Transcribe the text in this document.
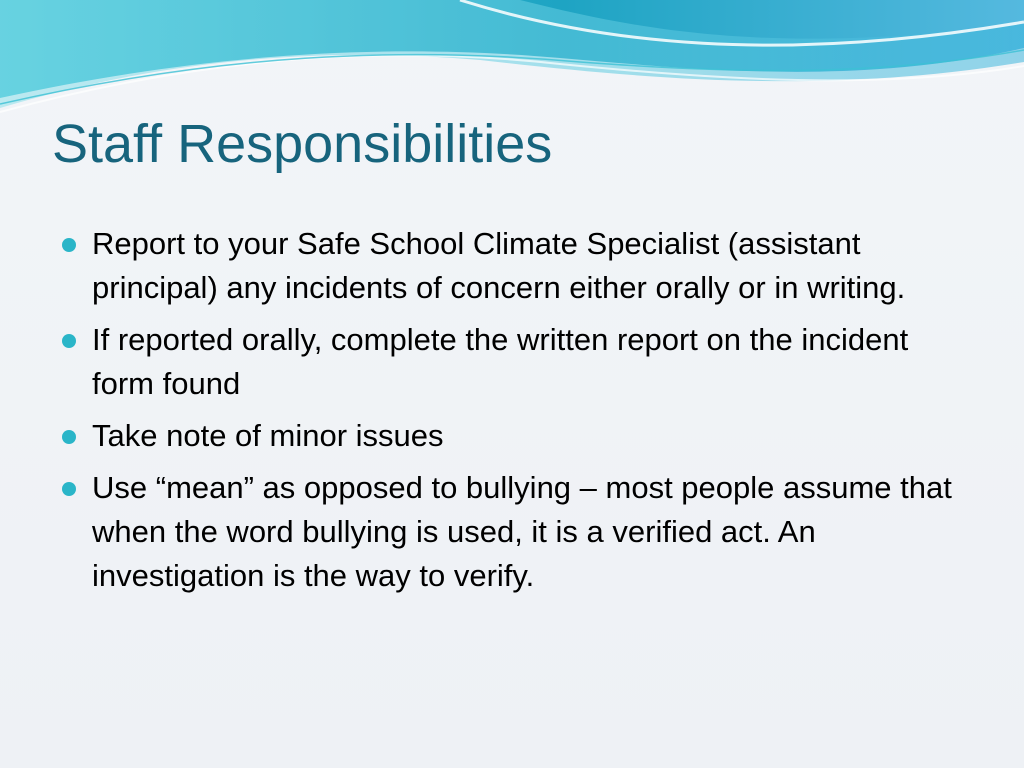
Staff Responsibilities
Report to your Safe School Climate Specialist (assistant principal) any incidents of concern either orally or in writing.
If reported orally, complete the written report on the incident form found
Take note of minor issues
Use “mean” as opposed to bullying – most people assume that when the word bullying is used, it is a verified act. An investigation is the way to verify.
